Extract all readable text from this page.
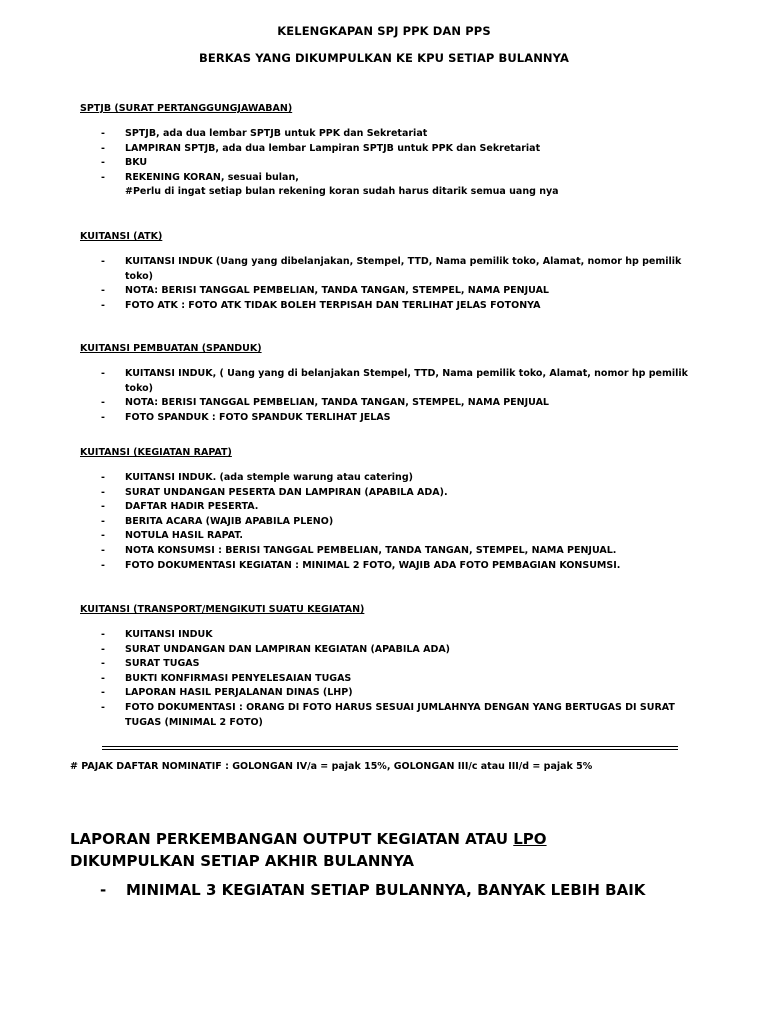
KELENGKAPAN SPJ PPK DAN PPS
BERKAS YANG DIKUMPULKAN KE KPU SETIAP BULANNYA
SPTJB (SURAT PERTANGGUNGJAWABAN)
- SPTJB, ada dua lembar SPTJB untuk PPK dan Sekretariat
- LAMPIRAN SPTJB, ada dua lembar Lampiran SPTJB untuk PPK dan Sekretariat
- BKU
- REKENING KORAN, sesuai bulan,
#Perlu di ingat setiap bulan rekening koran sudah harus ditarik semua uang nya
KUITANSI (ATK)
- KUITANSI INDUK (Uang yang dibelanjakan, Stempel, TTD, Nama pemilik toko, Alamat, nomor hp pemilik toko)
- NOTA: BERISI TANGGAL PEMBELIAN, TANDA TANGAN, STEMPEL, NAMA PENJUAL
- FOTO ATK : FOTO ATK TIDAK BOLEH TERPISAH DAN TERLIHAT JELAS FOTONYA
KUITANSI PEMBUATAN (SPANDUK)
- KUITANSI INDUK, ( Uang yang di belanjakan Stempel, TTD, Nama pemilik toko, Alamat, nomor hp pemilik toko)
- NOTA: BERISI TANGGAL PEMBELIAN, TANDA TANGAN, STEMPEL, NAMA PENJUAL
- FOTO SPANDUK : FOTO SPANDUK TERLIHAT JELAS
KUITANSI (KEGIATAN RAPAT)
- KUITANSI INDUK. (ada stemple warung atau catering)
- SURAT UNDANGAN PESERTA DAN LAMPIRAN (APABILA ADA).
- DAFTAR HADIR PESERTA.
- BERITA ACARA (WAJIB APABILA PLENO)
- NOTULA HASIL RAPAT.
- NOTA KONSUMSI : BERISI TANGGAL PEMBELIAN, TANDA TANGAN, STEMPEL, NAMA PENJUAL.
- FOTO DOKUMENTASI KEGIATAN : MINIMAL 2 FOTO, WAJIB ADA FOTO PEMBAGIAN KONSUMSI.
KUITANSI (TRANSPORT/MENGIKUTI SUATU KEGIATAN)
- KUITANSI INDUK
- SURAT UNDANGAN DAN LAMPIRAN KEGIATAN (APABILA ADA)
- SURAT TUGAS
- BUKTI KONFIRMASI PENYELESAIAN TUGAS
- LAPORAN HASIL PERJALANAN DINAS (LHP)
- FOTO DOKUMENTASI : ORANG DI FOTO HARUS SESUAI JUMLAHNYA DENGAN YANG BERTUGAS DI SURAT TUGAS (MINIMAL 2 FOTO)
# PAJAK DAFTAR NOMINATIF : GOLONGAN IV/a = pajak 15%, GOLONGAN III/c atau III/d = pajak 5%
LAPORAN PERKEMBANGAN OUTPUT KEGIATAN ATAU LPO
DIKUMPULKAN SETIAP AKHIR BULANNYA
- MINIMAL 3 KEGIATAN SETIAP BULANNYA, BANYAK LEBIH BAIK
